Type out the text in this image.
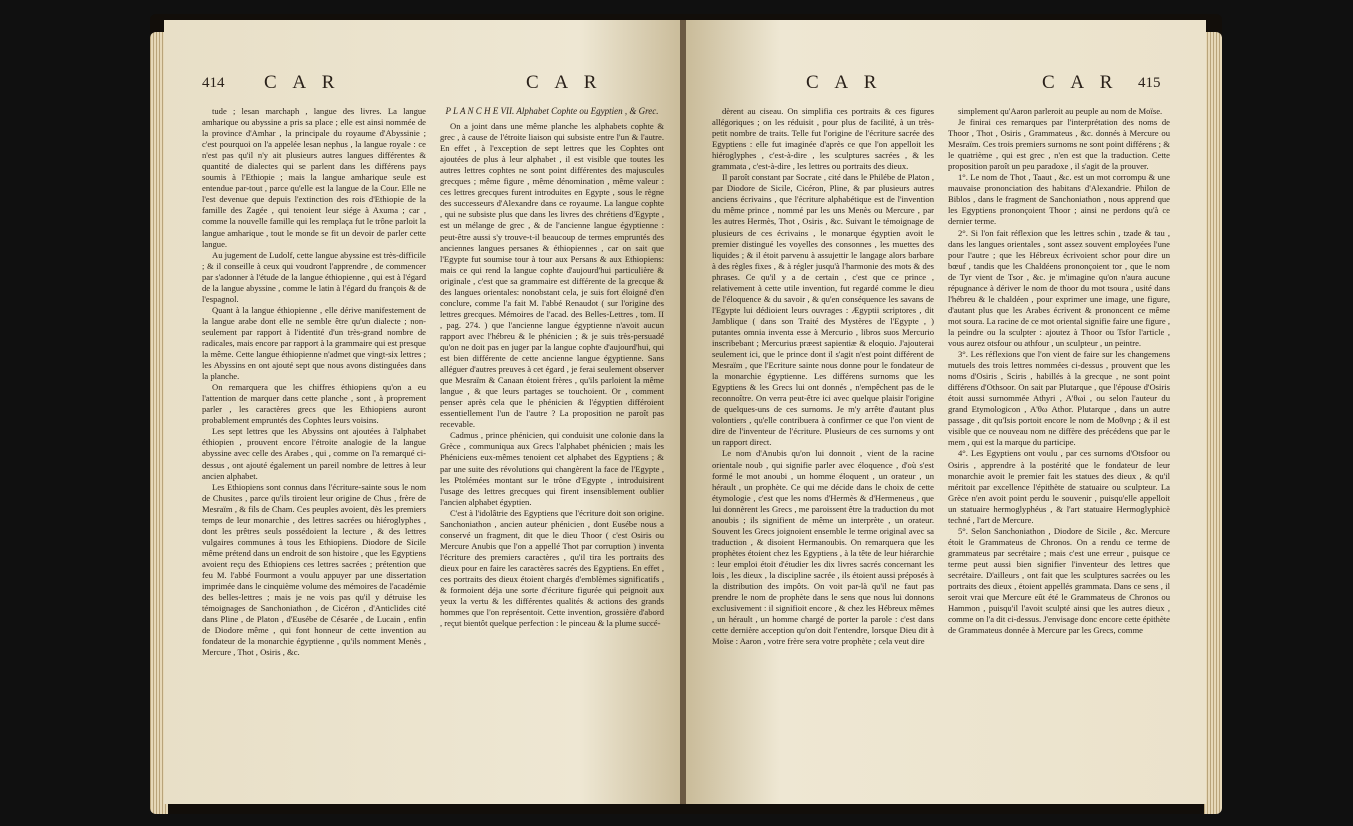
414 C A R	C A R

tude ; lesan marchaph , langue des livres. La langue amharique ou abyssine a pris sa place ; elle est ainsi nommée de la province d'Amhar , la principale du royaume d'Abyssinie ; c'est pourquoi on l'a appelée lesan nephus , la langue royale : ce n'est pas qu'il n'y ait plusieurs autres langues différentes & quantité de dialectes qui se parlent dans les différens pays soumis à l'Ethiopie ; mais la langue amharique seule est entendue par-tout , parce qu'elle est la langue de la Cour. Elle ne l'est devenue que depuis l'extinction des rois d'Ethiopie de la famille des Zagée , qui tenoient leur siége à Axuma ; car , comme la nouvelle famille qui les remplaça fut le trône parloit la langue amharique , tout le monde se fit un devoir de parler cette langue.

Au jugement de Ludolf, cette langue abyssine est très-difficile ; & il conseille à ceux qui voudront l'apprendre , de commencer par s'adonner à l'étude de la langue éthiopienne , qui est à l'égard de la langue abyssine , comme le latin à l'égard du françois & de l'espagnol.

Quant à la langue éthiopienne , elle dérive manifestement de la langue arabe dont elle ne semble être qu'un dialecte ; non-seulement par rapport à l'identité d'un très-grand nombre de radicales, mais encore par rapport à la grammaire qui est presque la même. Cette langue éthiopienne n'admet que vingt-six lettres ; les Abyssins en ont ajouté sept que nous avons distinguées dans la planche.

On remarquera que les chiffres éthiopiens qu'on a eu l'attention de marquer dans cette planche , sont , à proprement parler , les caractères grecs que les Ethiopiens auront probablement empruntés des Cophtes leurs voisins.

Les sept lettres que les Abyssins ont ajoutées à l'alphabet éthiopien , prouvent encore l'étroite analogie de la langue abyssine avec celle des Arabes , qui , comme on l'a remarqué ci-dessus , ont ajouté également un pareil nombre de lettres à leur ancien alphabet.

Les Ethiopiens sont connus dans l'écriture-sainte sous le nom de Chusites , parce qu'ils tiroient leur origine de Chus , frère de Mesraïm , & fils de Cham. Ces peuples avoient, dès les premiers temps de leur monarchie , des lettres sacrées ou hiéroglyphes , dont les prêtres seuls possédoient la lecture , & des lettres vulgaires communes à tous les Ethiopiens. Diodore de Sicile même prétend dans un endroit de son histoire , que les Egyptiens avoient reçu des Ethiopiens ces lettres sacrées ; prétention que feu M. l'abbé Fourmont a voulu appuyer par une dissertation imprimée dans le cinquième volume des mémoires de l'académie des belles-lettres ; mais je ne vois pas qu'il y détruise les témoignages de Sanchoniathon , de Cicéron , d'Anticlides cité dans Pline , de Platon , d'Eusébe de Césarée , de Lucain , enfin de Diodore même , qui font honneur de cette invention au fondateur de la monarchie égyptienne , qu'ils nomment Menès , Mercure , Thot , Osiris , &c.

P L A N C H E VII. Alphabet Cophte ou Egyptien , & Grec.

On a joint dans une même planche les alphabets cophte & grec , à cause de l'étroite liaison qui subsiste entre l'un & l'autre. En effet , à l'exception de sept lettres que les Cophtes ont ajoutées de plus à leur alphabet , il est visible que toutes les autres lettres cophtes ne sont point différentes des majuscules grecques ; même figure , même dénomination , même valeur : ces lettres grecques furent introduites en Egypte , sous le règne des successeurs d'Alexandre dans ce royaume. La langue cophte , qui ne subsiste plus que dans les livres des chrétiens d'Egypte , est un mélange de grec , & de l'ancienne langue égyptienne : peut-être aussi s'y trouve-t-il beaucoup de termes empruntés des anciennes langues persanes & éthiopiennes , car on sait que l'Egypte fut soumise tour à tour aux Persans & aux Ethiopiens: mais ce qui rend la langue cophte d'aujourd'hui particulière & originale , c'est que sa grammaire est différente de la grecque & des langues orientales: nonobstant cela, je suis fort éloigné d'en conclure, comme l'a fait M. l'abbé Renaudot ( sur l'origine des lettres grecques. Mémoires de l'acad. des Belles-Lettres , tom. II , pag. 274. ) que l'ancienne langue égyptienne n'avoit aucun rapport avec l'hébreu & le phénicien ; & je suis très-persuadé qu'on ne doit pas en juger par la langue cophte d'aujourd'hui, qui est bien différente de cette ancienne langue égyptienne. Sans alléguer d'autres preuves à cet égard , je ferai seulement observer que Mesraïm & Canaan étoient frères , qu'ils parloient la même langue , & que leurs partages se touchoient. Or , comment penser après cela que le phénicien & l'égyptien différoient essentiellement l'un de l'autre ? La proposition ne paroît pas recevable.

Cadmus , prince phénicien, qui conduisit une colonie dans la Grèce , communiqua aux Grecs l'alphabet phénicien ; mais les Phéniciens eux-mêmes tenoient cet alphabet des Egyptiens ; & par une suite des révolutions qui changèrent la face de l'Egypte , les Ptolémées montant sur le trône d'Egypte , introduisirent l'usage des lettres grecques qui firent insensiblement oublier l'ancien alphabet égyptien.

C'est à l'idolâtrie des Egyptiens que l'écriture doit son origine. Sanchoniathon , ancien auteur phénicien , dont Eusébe nous a conservé un fragment, dit que le dieu Thoor ( c'est Osiris ou Mercure Anubis que l'on a appellé Thot par corruption ) inventa l'écriture des premiers caractères , qu'il tira les portraits des dieux pour en faire les caractères sacrés des Egyptiens. En effet , ces portraits des dieux étoient chargés d'emblèmes significatifs , & formoient déja une sorte d'écriture figurée qui peignoit aux yeux la vertu & les différentes qualités & actions des grands hommes que l'on représentoit. Cette invention, grossière d'abord , reçut bientôt quelque perfection : le pinceau & la plume succé-

C A R	C A R 415

dèrent au ciseau. On simplifia ces portraits & ces figures allégoriques ; on les réduisit , pour plus de facilité, à un très-petit nombre de traits. Telle fut l'origine de l'écriture sacrée des Egyptiens : elle fut imaginée d'après ce que l'on appelloit les hiéroglyphes , c'est-à-dire , les sculptures sacrées , & les grammata , c'est-à-dire , les lettres ou portraits des dieux.

Il paroît constant par Socrate , cité dans le Philébe de Platon , par Diodore de Sicile, Cicéron, Pline, & par plusieurs autres anciens écrivains , que l'écriture alphabétique est de l'invention du même prince , nommé par les uns Menès ou Mercure , par les autres Hermès, Thot , Osiris , &c. Suivant le témoignage de plusieurs de ces écrivains , le monarque égyptien avoit le premier distingué les voyelles des consonnes , les muettes des liquides ; & il étoit parvenu à assujettir le langage alors barbare à des règles fixes , & à régler jusqu'à l'harmonie des mots & des phrases. Ce qu'il y a de certain , c'est que ce prince , relativement à cette utile invention, fut regardé comme le dieu de l'éloquence & du savoir , & qu'en conséquence les savans de l'Egypte lui dédioient leurs ouvrages : Ægyptii scriptores , dit Jamblique ( dans son Traité des Mystères de l'Egypte , ) putantes omnia inventa esse à Mercurio , libros suos Mercurio inscribebant ; Mercurius præest sapientiæ & eloquio. J'ajouterai seulement ici, que le prince dont il s'agit n'est point différent de Mesraïm , que l'Ecriture sainte nous donne pour le fondateur de la monarchie égyptienne. Les différens surnoms que les Egyptiens & les Grecs lui ont donnés , n'empêchent pas de le reconnoître. On verra peut-être ici avec quelque plaisir l'origine de quelques-uns de ces surnoms. Je m'y arrête d'autant plus volontiers , qu'elle contribuera à confirmer ce que l'on vient de dire de l'inventeur de l'écriture. Plusieurs de ces surnoms y ont un rapport direct.

Le nom d'Anubis qu'on lui donnoit , vient de la racine orientale noub , qui signifie parler avec éloquence , d'où s'est formé le mot anoubi , un homme éloquent , un orateur , un hérault , un prophète. Ce qui me décide dans le choix de cette étymologie , c'est que les noms d'Hermès & d'Hermeneus , que lui donnèrent les Grecs , me paroissent être la traduction du mot anoubis ; ils signifient de même un interprète , un orateur. Souvent les Grecs joignoient ensemble le terme original avec sa traduction , & disoient Hermanoubis. On remarquera que les prophètes étoient chez les Egyptiens , à la tête de leur hiérarchie : leur emploi étoit d'étudier les dix livres sacrés concernant les lois , les dieux , la discipline sacrée , ils étoient aussi préposés à la distribution des impôts. On voit par-là qu'il ne faut pas prendre le nom de prophète dans le sens que nous lui donnons exclusivement : il signifioit encore , & chez les Hébreux mêmes , un hérault , un homme chargé de porter la parole : c'est dans cette dernière acception qu'on doit l'entendre, lorsque Dieu dit à Moïse : Aaron , votre frère sera votre prophète ; cela veut dire

simplement qu'Aaron parleroit au peuple au nom de Moïse.

Je finirai ces remarques par l'interprétation des noms de Thoor , Thot , Osiris , Grammateus , &c. donnés à Mercure ou Mesraïm. Ces trois premiers surnoms ne sont point différens ; & le quatrième , qui est grec , n'en est que la traduction. Cette proposition paroît un peu paradoxe , il s'agit de la prouver.

1°. Le nom de Thot , Taaut , &c. est un mot corrompu & une mauvaise prononciation des habitans d'Alexandrie. Philon de Biblos , dans le fragment de Sanchoniathon , nous apprend que les Egyptiens prononçoient Thoor ; ainsi ne perdons qu'à ce dernier terme.

2°. Si l'on fait réflexion que les lettres schin , tzade & tau , dans les langues orientales , sont assez souvent employées l'une pour l'autre ; que les Hébreux écrivoient schor pour dire un bœuf , tandis que les Chaldéens prononçoient tor , que le nom de Tyr vient de Tsor , &c. je m'imagine qu'on n'aura aucune répugnance à dériver le nom de thoor du mot tsoura , usité dans l'hébreu & le chaldéen , pour exprimer une image, une figure, d'autant plus que les Arabes écrivent & prononcent ce même mot soura. La racine de ce mot oriental signifie faire une figure , la peindre ou la sculpter : ajoutez à Thoor ou Tsfor l'article , vous aurez otsfour ou athfour , un sculpteur , un peintre.

3°. Les réflexions que l'on vient de faire sur les changemens mutuels des trois lettres nommées ci-dessus , prouvent que les noms d'Osiris , Sciris , habillés à la grecque , ne sont point différens d'Othsoor. On sait par Plutarque , que l'épouse d'Osiris étoit aussi surnommée Athyri , A'θωi , ou selon l'auteur du grand Etymologicon , A'θω Athor. Plutarque , dans un autre passage , dit qu'Isis portoit encore le nom de Μοθνηρ ; & il est visible que ce nouveau nom ne diffère des précédens que par le mem , qui est la marque du participe.

4°. Les Egyptiens ont voulu , par ces surnoms d'Otsfoor ou Osiris , apprendre à la postérité que le fondateur de leur monarchie avoit le premier fait les statues des dieux , & qu'il méritoit par excellence l'épithète de statuaire ou sculpteur. La Grèce n'en avoit point perdu le souvenir , puisqu'elle appelloit un statuaire hermoglyphéus , & l'art statuaire Hermoglyphicè techné , l'art de Mercure.

5°. Selon Sanchoniathon , Diodore de Sicile , &c. Mercure étoit le Grammateus de Chronos. On a rendu ce terme de grammateus par secrétaire ; mais c'est une erreur , puisque ce terme peut aussi bien signifier l'inventeur des lettres que secrétaire. D'ailleurs , ont fait que les sculptures sacrées ou les portraits des dieux , étoient appellés grammata. Dans ce sens , il seroit vrai que Mercure eût été le Grammateus de Chronos ou Hammon , puisqu'il l'avoit sculpté ainsi que les autres dieux , comme on l'a dit ci-dessus. J'envisage donc encore cette épithète de Grammateus donnée à Mercure par les Grecs, comme
